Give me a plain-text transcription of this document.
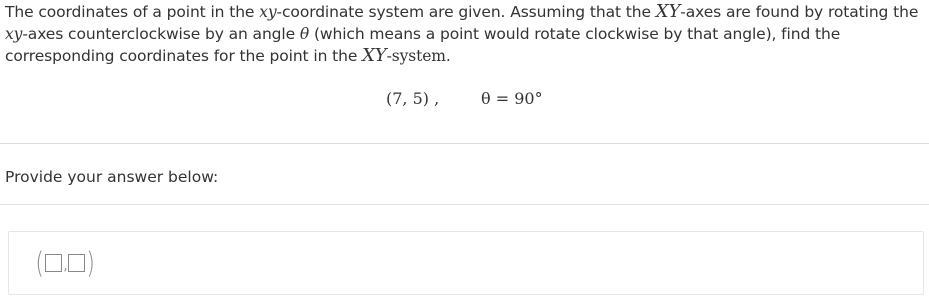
The coordinates of a point in the xy-coordinate system are given. Assuming that the XY-axes are found by rotating the xy-axes counterclockwise by an angle θ (which means a point would rotate clockwise by that angle), find the corresponding coordinates for the point in the XY-system.
(7, 5) ,	θ = 90°
Provide your answer below:
( , )
